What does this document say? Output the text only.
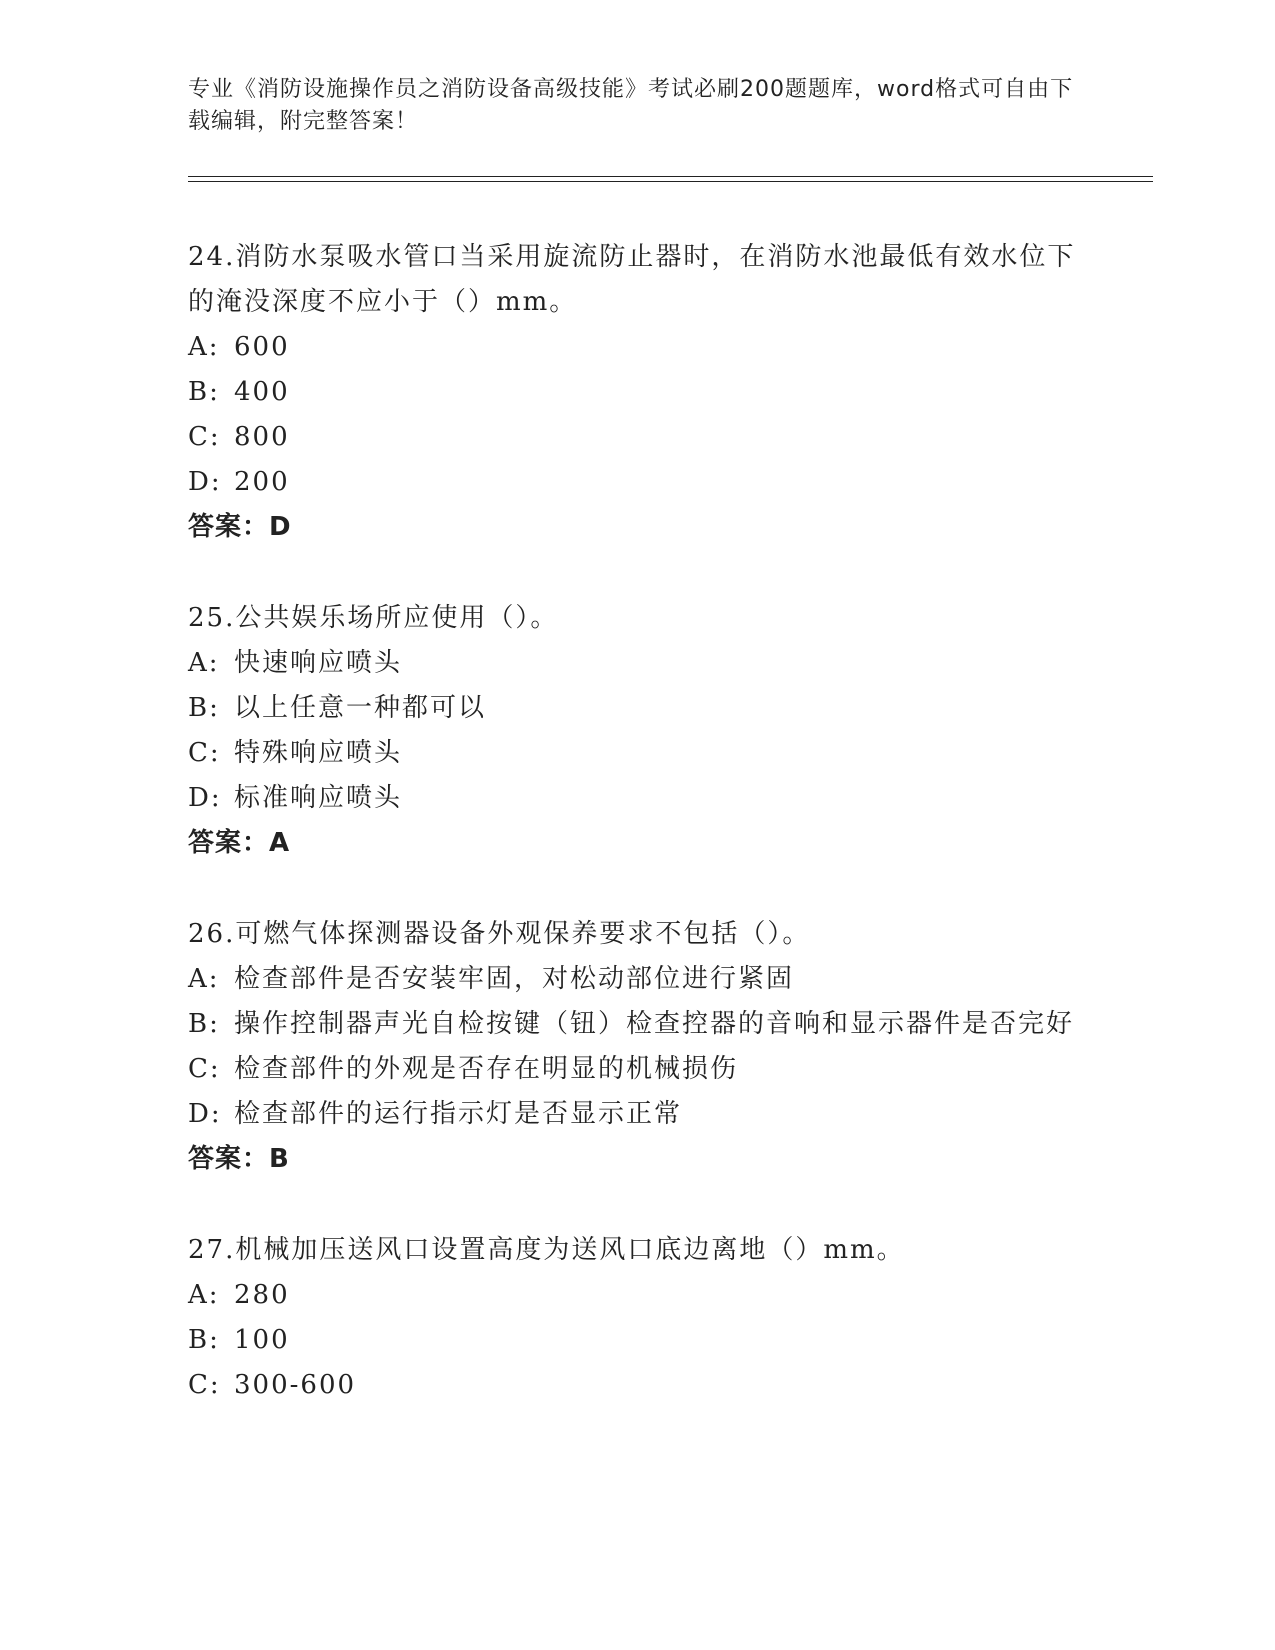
专业《消防设施操作员之消防设备高级技能》考试必刷200题题库，word格式可自由下载编辑，附完整答案！
24.消防水泵吸水管口当采用旋流防止器时，在消防水池最低有效水位下的淹没深度不应小于（）mm。
A: 600
B: 400
C: 800
D: 200
答案：D
25.公共娱乐场所应使用（）。
A: 快速响应喷头
B: 以上任意一种都可以
C: 特殊响应喷头
D: 标准响应喷头
答案：A
26.可燃气体探测器设备外观保养要求不包括（）。
A: 检查部件是否安装牢固，对松动部位进行紧固
B: 操作控制器声光自检按键（钮）检查控器的音响和显示器件是否完好
C: 检查部件的外观是否存在明显的机械损伤
D: 检查部件的运行指示灯是否显示正常
答案：B
27.机械加压送风口设置高度为送风口底边离地（）mm。
A: 280
B: 100
C: 300-600
